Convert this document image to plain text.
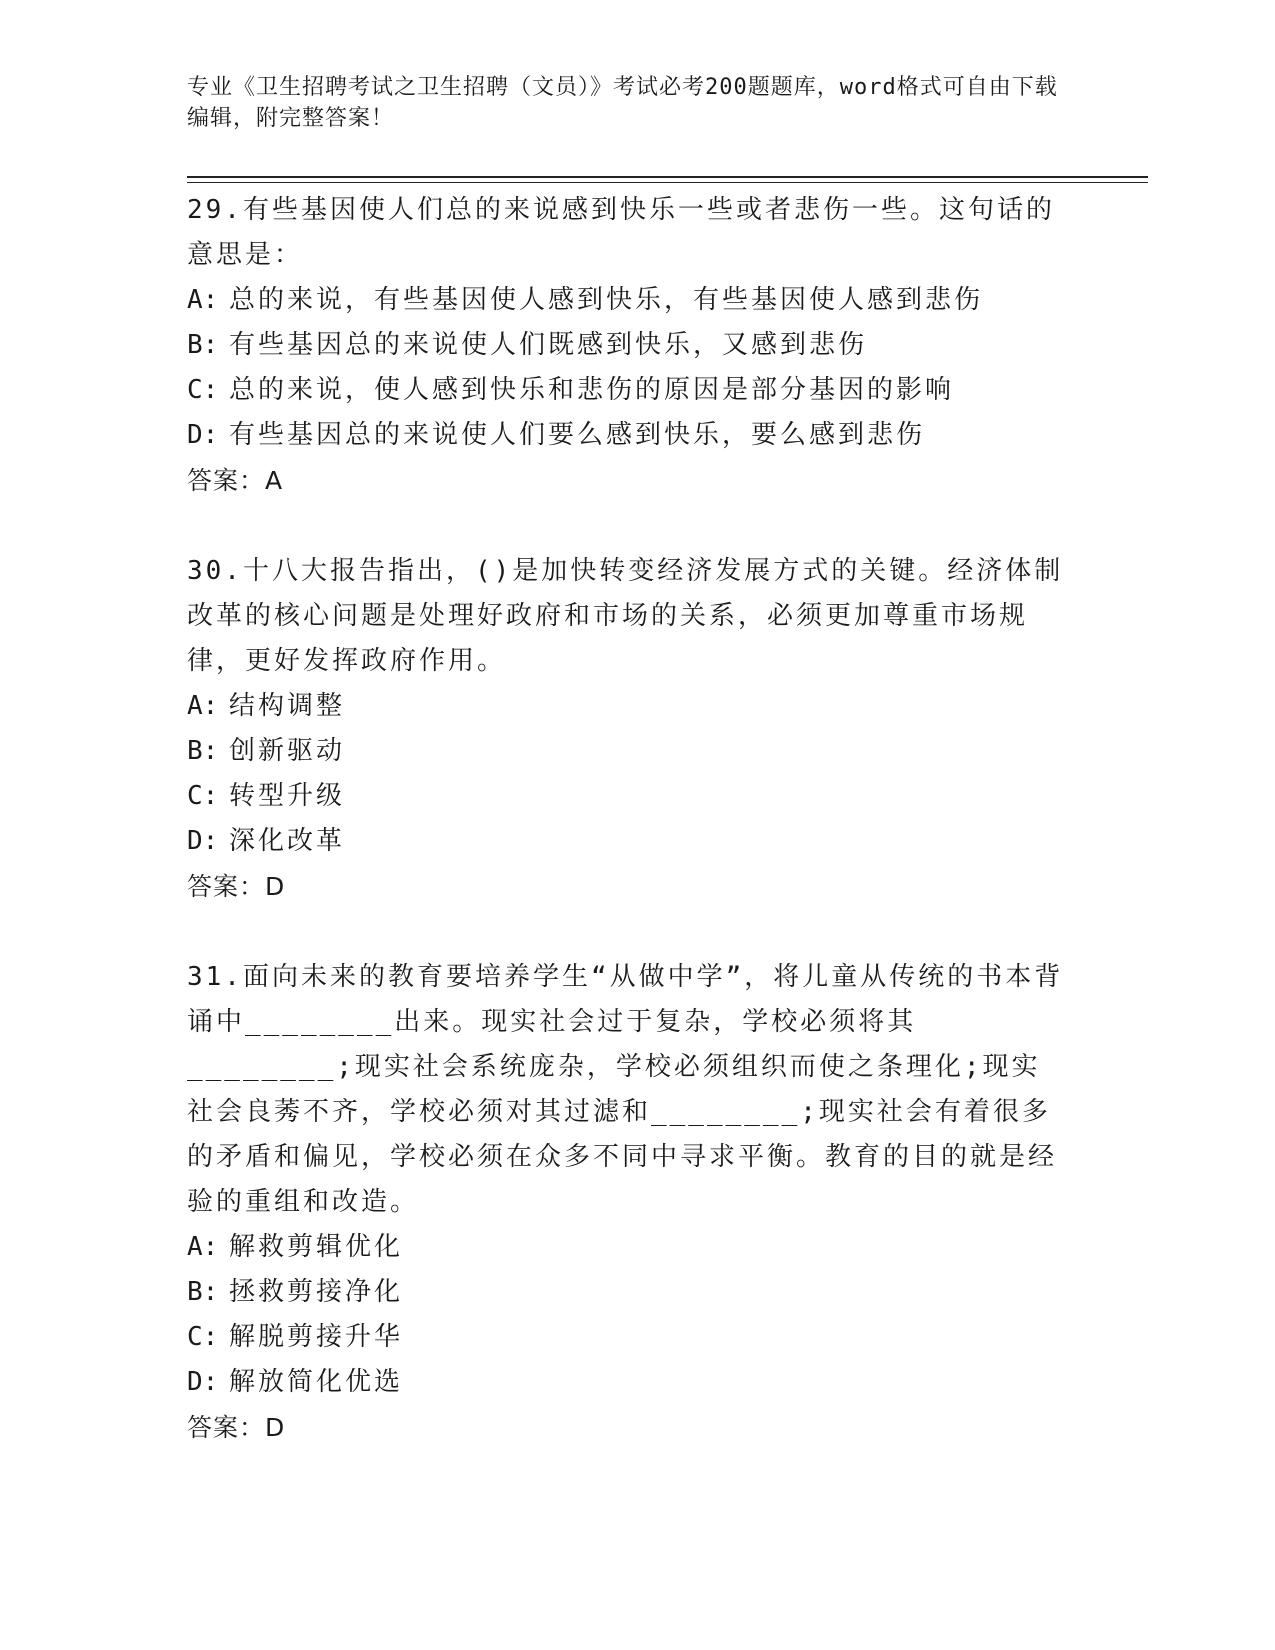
专业《卫生招聘考试之卫生招聘（文员）》考试必考200题题库，word格式可自由下载编辑，附完整答案！
29.有些基因使人们总的来说感到快乐一些或者悲伤一些。这句话的意思是：
A: 总的来说，有些基因使人感到快乐，有些基因使人感到悲伤
B: 有些基因总的来说使人们既感到快乐，又感到悲伤
C: 总的来说，使人感到快乐和悲伤的原因是部分基因的影响
D: 有些基因总的来说使人们要么感到快乐，要么感到悲伤
答案：A
30.十八大报告指出，()是加快转变经济发展方式的关键。经济体制改革的核心问题是处理好政府和市场的关系，必须更加尊重市场规律，更好发挥政府作用。
A: 结构调整
B: 创新驱动
C: 转型升级
D: 深化改革
答案：D
31.面向未来的教育要培养学生“从做中学”，将儿童从传统的书本背诵中________出来。现实社会过于复杂，学校必须将其________;现实社会系统庞杂，学校必须组织而使之条理化;现实社会良莠不齐，学校必须对其过滤和________;现实社会有着很多的矛盾和偏见，学校必须在众多不同中寻求平衡。教育的目的就是经验的重组和改造。
A: 解救剪辑优化
B: 拯救剪接净化
C: 解脱剪接升华
D: 解放简化优选
答案：D
